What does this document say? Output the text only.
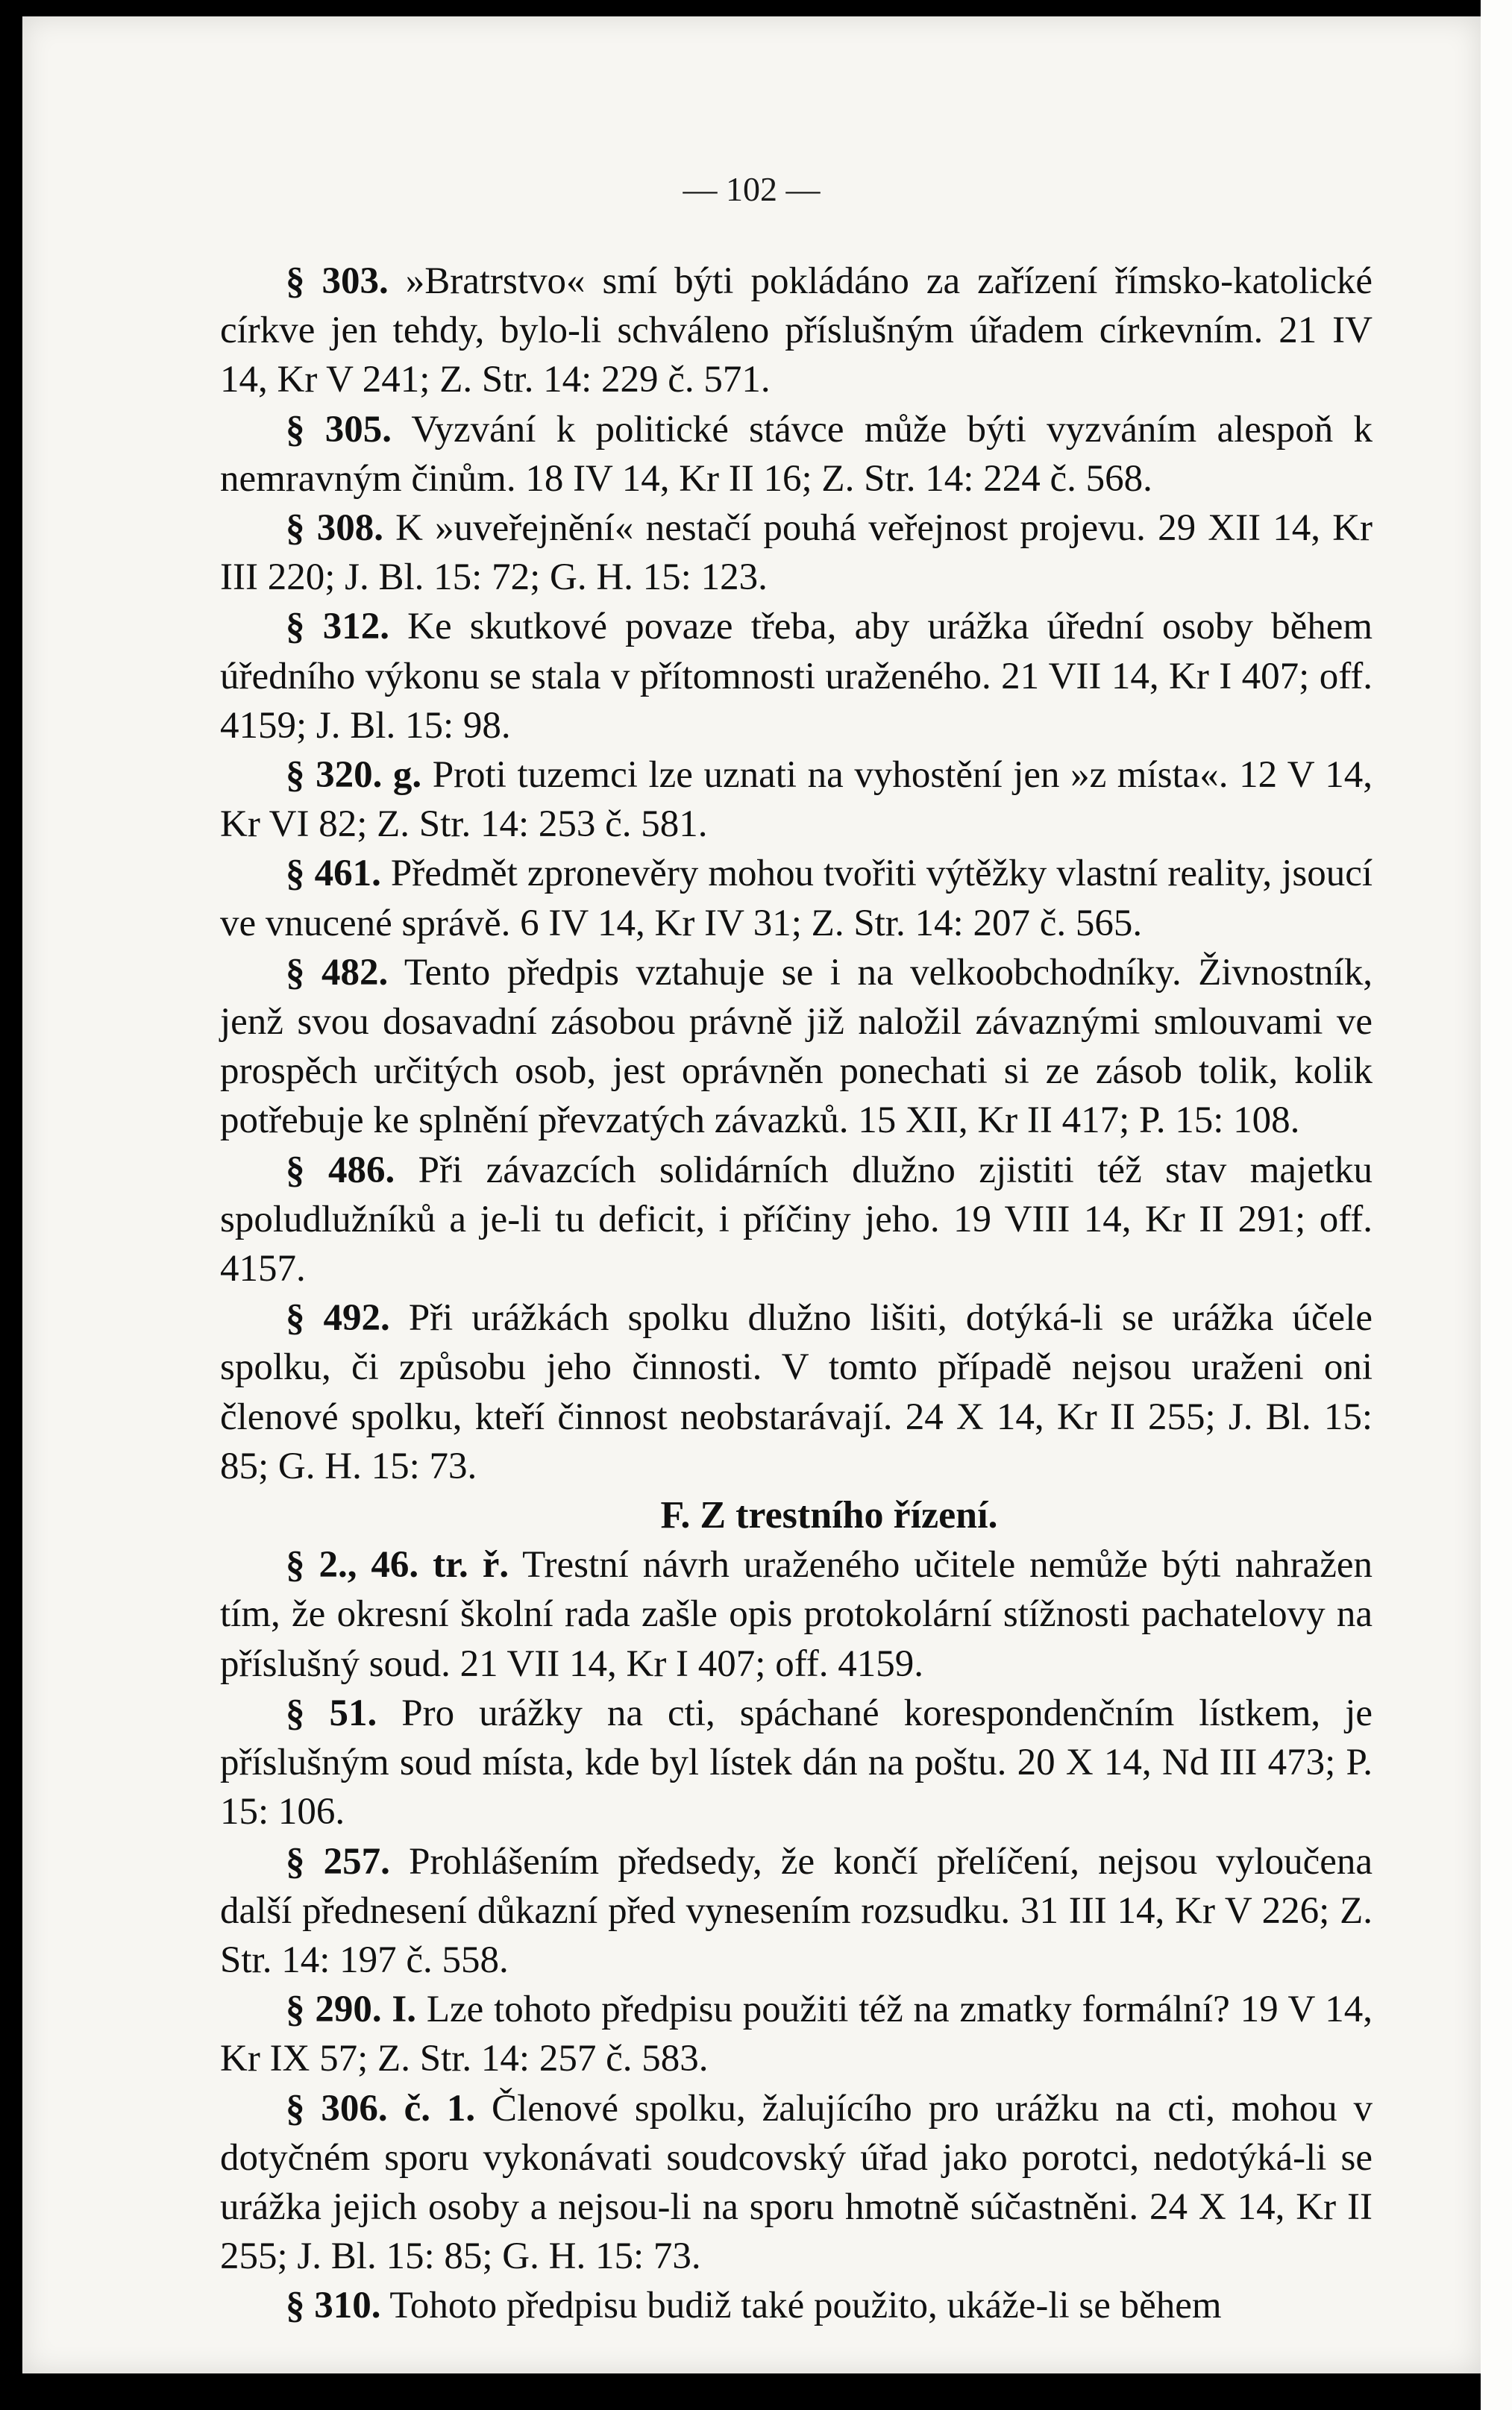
— 102 —

§ 303. »Bratrstvo« smí býti pokládáno za zařízení římsko-katolické církve jen tehdy, bylo-li schváleno příslušným úřadem církevním. 21 IV 14, Kr V 241; Z. Str. 14: 229 č. 571.

§ 305. Vyzvání k politické stávce může býti vyzváním alespoň k nemravným činům. 18 IV 14, Kr II 16; Z. Str. 14: 224 č. 568.

§ 308. K »uveřejnění« nestačí pouhá veřejnost projevu. 29 XII 14, Kr III 220; J. Bl. 15: 72; G. H. 15: 123.

§ 312. Ke skutkové povaze třeba, aby urážka úřední osoby během úředního výkonu se stala v přítomnosti uraženého. 21 VII 14, Kr I 407; off. 4159; J. Bl. 15: 98.

§ 320. g. Proti tuzemci lze uznati na vyhostění jen »z místa«. 12 V 14, Kr VI 82; Z. Str. 14: 253 č. 581.

§ 461. Předmět zpronevěry mohou tvořiti výtěžky vlastní reality, jsoucí ve vnucené správě. 6 IV 14, Kr IV 31; Z. Str. 14: 207 č. 565.

§ 482. Tento předpis vztahuje se i na velkoobchodníky. Živnostník, jenž svou dosavadní zásobou právně již naložil závaznými smlouvami ve prospěch určitých osob, jest oprávněn ponechati si ze zásob tolik, kolik potřebuje ke splnění převzatých závazků. 15 XII, Kr II 417; P. 15: 108.

§ 486. Při závazcích solidárních dlužno zjistiti též stav majetku spoludlužníků a je-li tu deficit, i příčiny jeho. 19 VIII 14, Kr II 291; off. 4157.

§ 492. Při urážkách spolku dlužno lišiti, dotýká-li se urážka účele spolku, či způsobu jeho činnosti. V tomto případě nejsou uraženi oni členové spolku, kteří činnost neobstarávají. 24 X 14, Kr II 255; J. Bl. 15: 85; G. H. 15: 73.

F. Z trestního řízení.

§ 2., 46. tr. ř. Trestní návrh uraženého učitele nemůže býti nahražen tím, že okresní školní rada zašle opis protokolární stížnosti pachatelovy na příslušný soud. 21 VII 14, Kr I 407; off. 4159.

§ 51. Pro urážky na cti, spáchané korespondenčním lístkem, je příslušným soud místa, kde byl lístek dán na poštu. 20 X 14, Nd III 473; P. 15: 106.

§ 257. Prohlášením předsedy, že končí přelíčení, nejsou vyloučena další přednesení důkazní před vynesením rozsudku. 31 III 14, Kr V 226; Z. Str. 14: 197 č. 558.

§ 290. I. Lze tohoto předpisu použiti též na zmatky formální? 19 V 14, Kr IX 57; Z. Str. 14: 257 č. 583.

§ 306. č. 1. Členové spolku, žalujícího pro urážku na cti, mohou v dotyčném sporu vykonávati soudcovský úřad jako porotci, nedotýká-li se urážka jejich osoby a nejsou-li na sporu hmotně súčastněni. 24 X 14, Kr II 255; J. Bl. 15: 85; G. H. 15: 73.

§ 310. Tohoto předpisu budiž také použito, ukáže-li se během
